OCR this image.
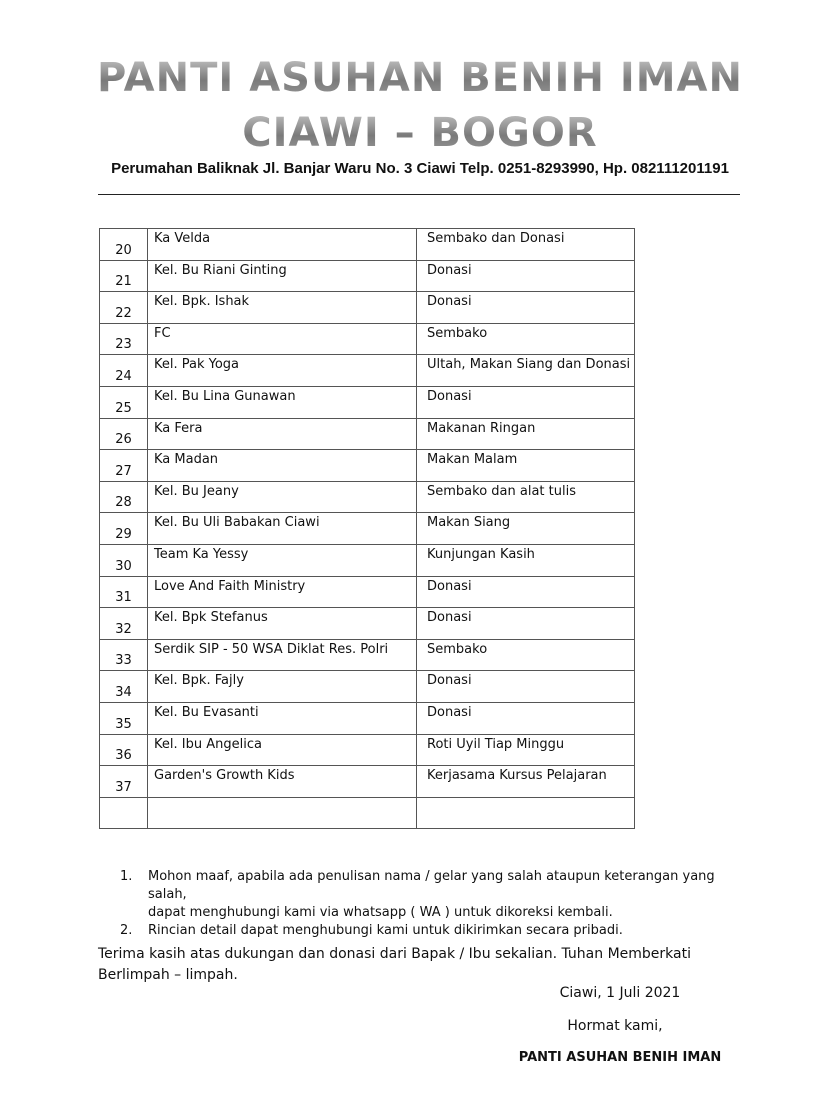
PANTI ASUHAN BENIH IMAN
CIAWI – BOGOR
Perumahan Baliknak Jl. Banjar Waru No. 3 Ciawi Telp. 0251-8293990, Hp. 082111201191
20	Ka Velda	Sembako dan Donasi

21	Kel. Bu Riani Ginting	Donasi

22	Kel. Bpk. Ishak	Donasi

23	FC	Sembako

24	Kel. Pak Yoga	Ultah, Makan Siang dan Donasi

25	Kel. Bu Lina Gunawan	Donasi

26	Ka Fera	Makanan Ringan

27	Ka Madan	Makan Malam

28	Kel. Bu Jeany	Sembako dan alat tulis

29	Kel. Bu Uli Babakan Ciawi	Makan Siang

30	Team Ka Yessy	Kunjungan Kasih

31	Love And Faith Ministry	Donasi

32	Kel. Bpk Stefanus	Donasi

33	Serdik SIP - 50 WSA Diklat Res. Polri	Sembako

34	Kel. Bpk. Fajly	Donasi

35	Kel. Bu Evasanti	Donasi

36	Kel. Ibu Angelica	Roti Uyil Tiap Minggu

37	Garden's Growth Kids	Kerjasama Kursus Pelajaran

1.	Mohon maaf, apabila ada penulisan nama / gelar yang salah ataupun keterangan yang salah,
dapat menghubungi kami via whatsapp ( WA ) untuk dikoreksi kembali.
2.	Rincian detail dapat menghubungi kami untuk dikirimkan secara pribadi.
Terima kasih atas dukungan dan donasi dari Bapak / Ibu sekalian. Tuhan Memberkati Berlimpah – limpah.
Ciawi, 1 Juli 2021
Hormat kami,
PANTI ASUHAN BENIH IMAN
